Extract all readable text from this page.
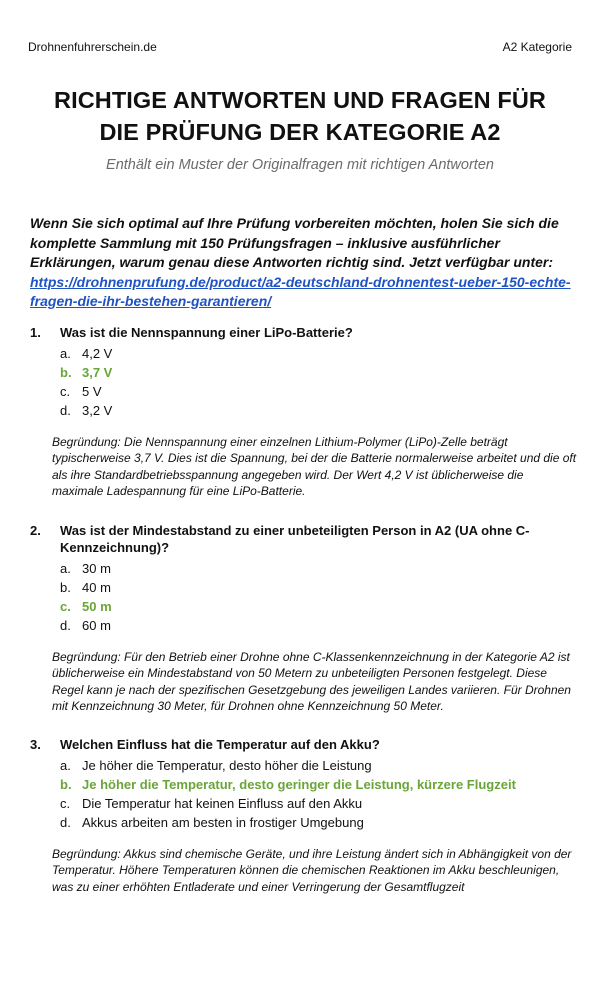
Drohnenfuhrerschein.de	A2 Kategorie
RICHTIGE ANTWORTEN UND FRAGEN FÜR
DIE PRÜFUNG DER KATEGORIE A2
Enthält ein Muster der Originalfragen mit richtigen Antworten
Wenn Sie sich optimal auf Ihre Prüfung vorbereiten möchten, holen Sie sich die komplette Sammlung mit 150 Prüfungsfragen – inklusive ausführlicher Erklärungen, warum genau diese Antworten richtig sind. Jetzt verfügbar unter: https://drohnenprufung.de/product/a2-deutschland-drohnentest-ueber-150-echte-fragen-die-ihr-bestehen-garantieren/
1.	Was ist die Nennspannung einer LiPo-Batterie?
a. 4,2 V
b. 3,7 V
c. 5 V
d. 3,2 V
Begründung: Die Nennspannung einer einzelnen Lithium-Polymer (LiPo)-Zelle beträgt typischerweise 3,7 V. Dies ist die Spannung, bei der die Batterie normalerweise arbeitet und die oft als ihre Standardbetriebsspannung angegeben wird. Der Wert 4,2 V ist üblicherweise die maximale Ladespannung für eine LiPo-Batterie.
2.	Was ist der Mindestabstand zu einer unbeteiligten Person in A2 (UA ohne C-Kennzeichnung)?
a. 30 m
b. 40 m
c. 50 m
d. 60 m
Begründung: Für den Betrieb einer Drohne ohne C-Klassenkennzeichnung in der Kategorie A2 ist üblicherweise ein Mindestabstand von 50 Metern zu unbeteiligten Personen festgelegt. Diese Regel kann je nach der spezifischen Gesetzgebung des jeweiligen Landes variieren. Für Drohnen mit Kennzeichnung 30 Meter, für Drohnen ohne Kennzeichnung 50 Meter.
3.	Welchen Einfluss hat die Temperatur auf den Akku?
a. Je höher die Temperatur, desto höher die Leistung
b. Je höher die Temperatur, desto geringer die Leistung, kürzere Flugzeit
c. Die Temperatur hat keinen Einfluss auf den Akku
d. Akkus arbeiten am besten in frostiger Umgebung
Begründung: Akkus sind chemische Geräte, und ihre Leistung ändert sich in Abhängigkeit von der Temperatur. Höhere Temperaturen können die chemischen Reaktionen im Akku beschleunigen, was zu einer erhöhten Entladerate und einer Verringerung der Gesamtflugzeit
